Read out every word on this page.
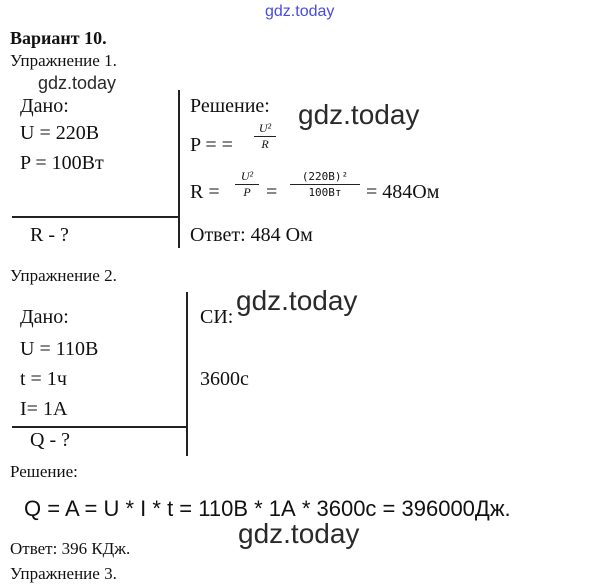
gdz.today
Вариант 10.
Упражнение 1.
gdz.today
Дано:
U = 220В
P = 100Вт
R - ?
Решение: gdz.today
P = =
U²
R
R =
U²
P =
(220В)²
100Вт = 484Ом
Ответ: 484 Ом
Упражнение 2.
Дано:
U = 110В
t = 1ч
I= 1А
Q - ?
СИ:
gdz.today
3600с
Решение:
Q = A = U * I * t = 110В * 1А * 3600с = 396000Дж.
gdz.today
Ответ: 396 КДж.
Упражнение 3.
